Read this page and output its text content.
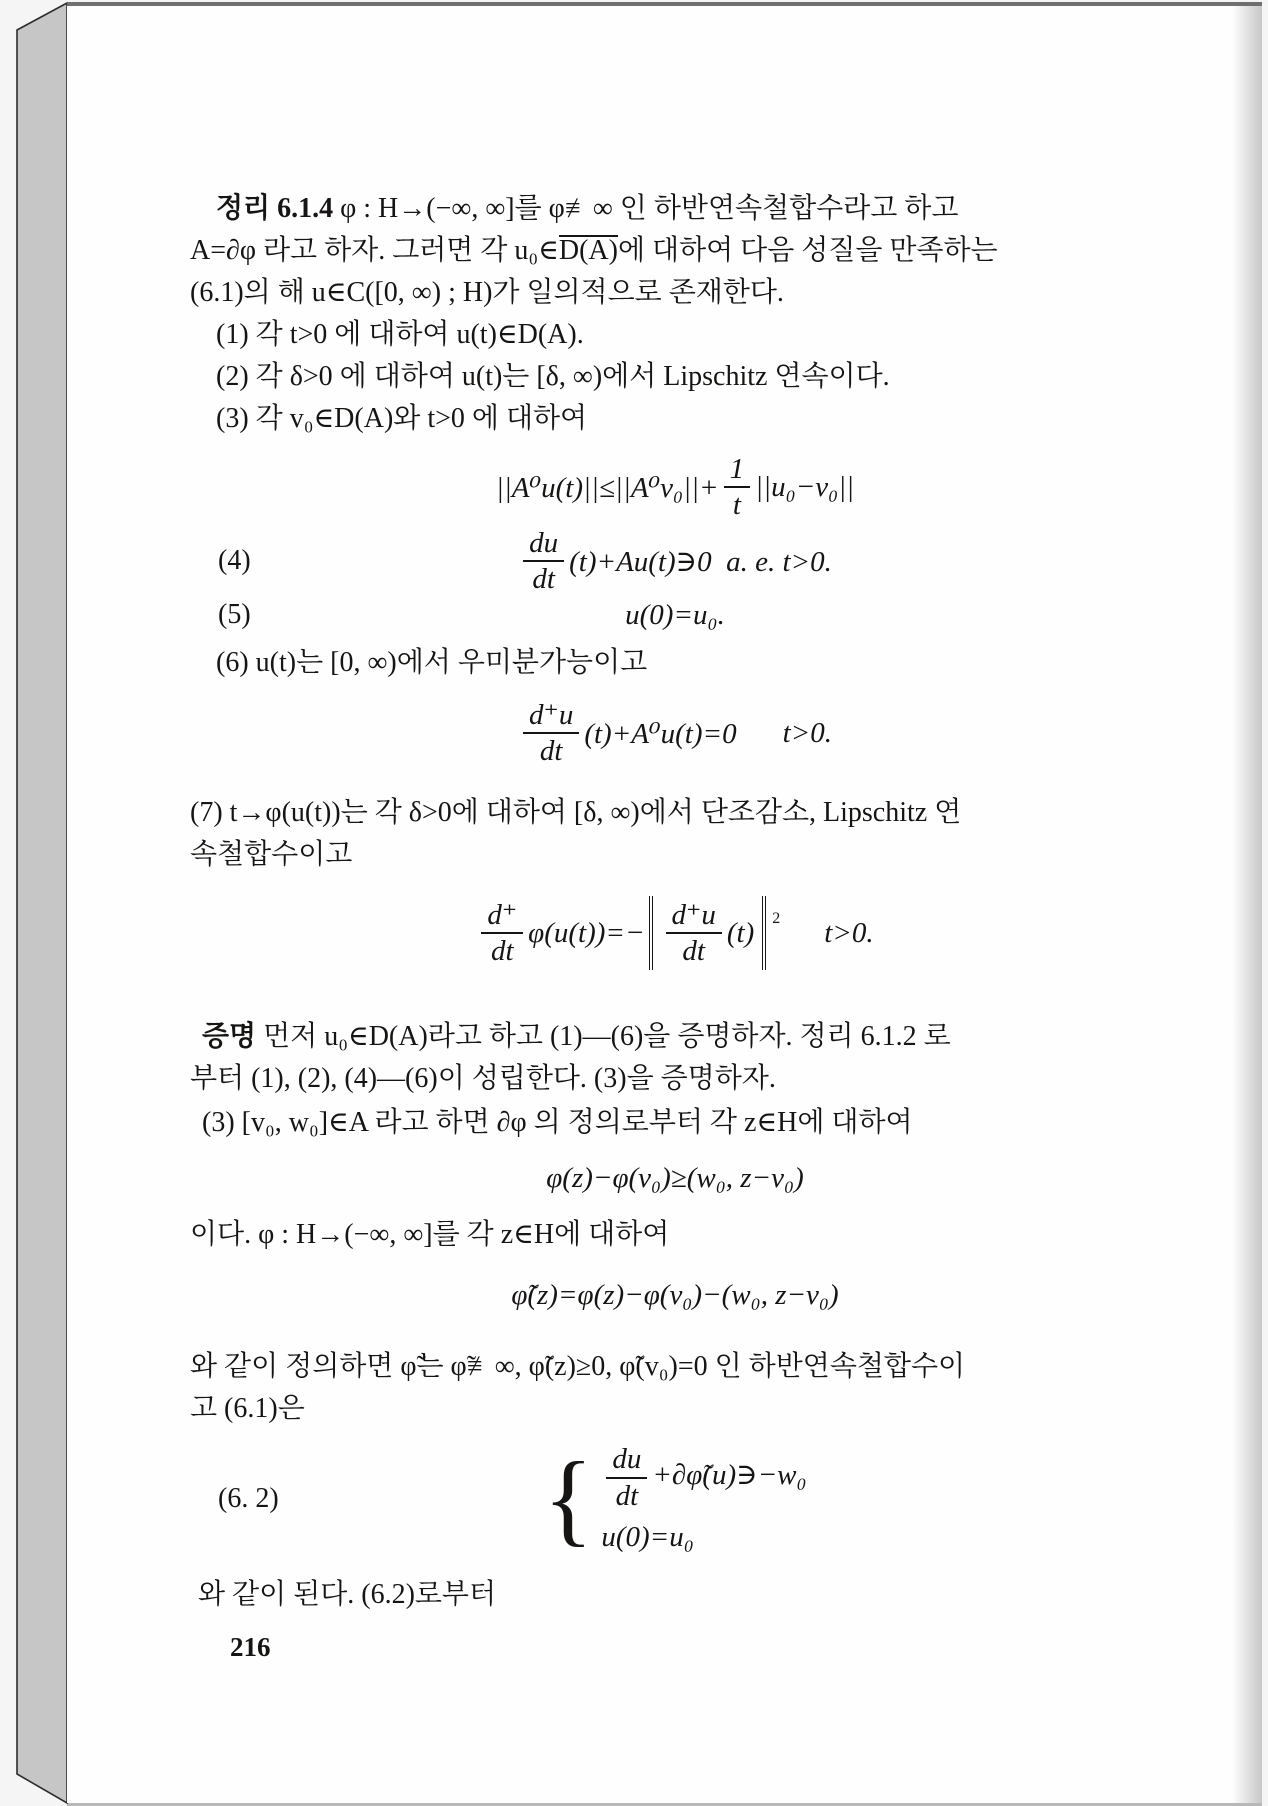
정리 6.1.4 φ : H→(−∞, ∞]를 φ≢∞ 인 하반연속철합수라고 하고

A=∂φ 라고 하자. 그러면 각 u₀∈D(A)에 대하여 다음 성질을 만족하는

(6.1)의 해 u∈C([0, ∞) ; H)가 일의적으로 존재한다.

(1) 각 t>0 에 대하여 u(t)∈D(A).

(2) 각 δ>0 에 대하여 u(t)는 [δ, ∞)에서 Lipschitz 연속이다.

(3) 각 v₀∈D(A)와 t>0 에 대하여

$||A^0u(t)||\le||A^0v_0||+ \frac{1}{t} ||u_0-v_0||$
(4)	$\frac{du}{dt}$ (t)+Au(t)∋0  a. e. t>0.
(5)	u(0)=u₀.

(6) u(t)는 [0, ∞)에서 우미분가능이고

$\frac{d^+u}{dt} (t)+A^0u(t)=0$ t>0.

(7) t→φ(u(t))는 각 δ>0에 대하여 [δ, ∞)에서 단조감소, Lipschitz 연

속철합수이고

$\frac{d^+}{dt} \varphi(u(t))=- \frac{d^+u}{dt} (t)$ 2 t>0.

증명 먼저 u₀∈D(A)라고 하고 (1)—(6)을 증명하자. 정리 6.1.2 로

부터 (1), (2), (4)—(6)이 성립한다. (3)을 증명하자.

(3) [v₀, w₀]∈A 라고 하면 ∂φ 의 정의로부터 각 z∈H에 대하여

φ(z)−φ(v₀)≥(w₀, z−v₀)

이다. φ : H→(−∞, ∞]를 각 z∈H에 대하여

φ̃(z)=φ(z)−φ(v₀)−(w₀, z−v₀)

와 같이 정의하면 φ̃는 φ̃≢∞, φ̃(z)≥0, φ̃(v₀)=0 인 하반연속철합수이

고 (6.1)은

(6. 2)	{ $\frac{du}{dt}$ +∂φ̃(u)∋−w₀
u(0)=u₀

와 같이 된다. (6.2)로부터

216
